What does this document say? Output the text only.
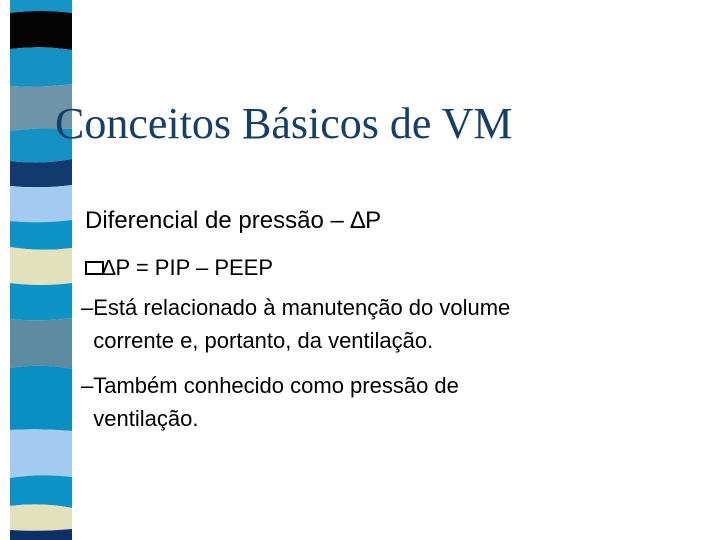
Conceitos Básicos de VM
Diferencial de pressão – ∆P
∆P = PIP – PEEP
– Está relacionado à manutenção do volume
corrente e, portanto, da ventilação.
– Também conhecido como pressão de
ventilação.
